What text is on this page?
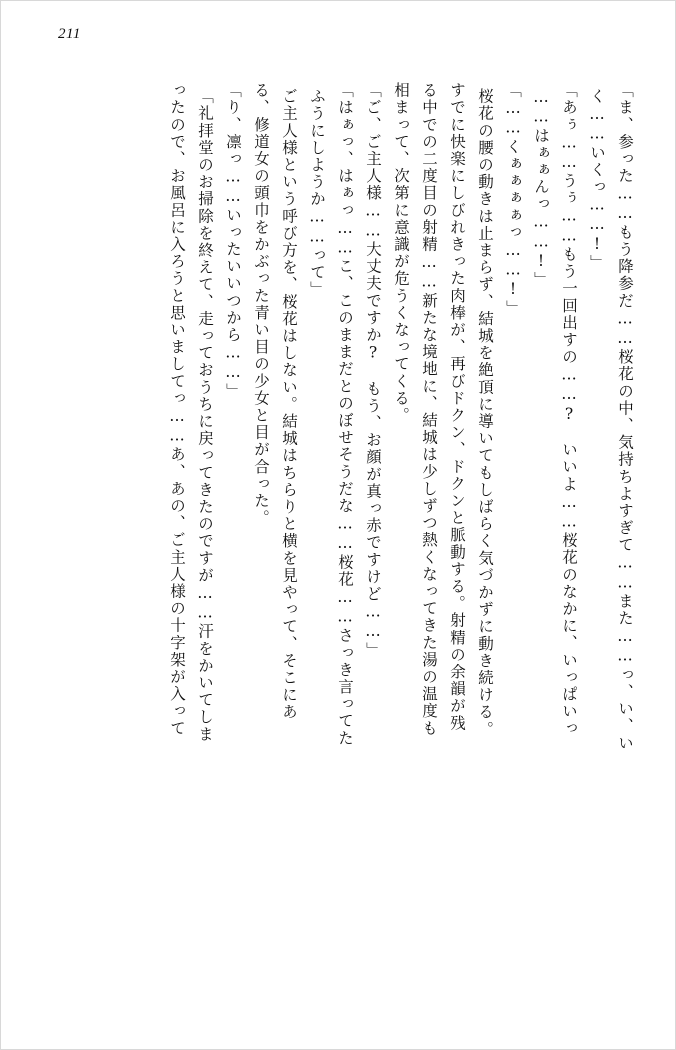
211
「ま、参った……もう降参だ……桜花の中、気持ちよすぎて……また……っ、い、い
く……いくっ……!」
「あぅ……うぅ……もう一回出すの……?　いいよ……桜花のなかに、いっぱいっ
……はぁぁんっ……!」
「……くぁぁぁぁっ……!」
桜花の腰の動きは止まらず、結城を絶頂に導いてもしばらく気づかずに動き続ける。
すでに快楽にしびれきった肉棒が、再びドクン、ドクンと脈動する。射精の余韻が残
る中での二度目の射精……新たな境地に、結城は少しずつ熱くなってきた湯の温度も
相まって、次第に意識が危うくなってくる。
「ご、ご主人様……大丈夫ですか?　もう、お顔が真っ赤ですけど……」
「はぁっ、はぁっ……こ、このままだとのぼせそうだな……桜花……さっき言ってた
ふうにしようか……って」
ご主人様という呼び方を、桜花はしない。結城はちらりと横を見やって、そこにあ
る、修道女の頭巾をかぶった青い目の少女と目が合った。
「り、凛っ……いったいいつから……」
「礼拝堂のお掃除を終えて、走っておうちに戻ってきたのですが……汗をかいてしま
ったので、お風呂に入ろうと思いましてっ……あ、あの、ご主人様の十字架が入って
